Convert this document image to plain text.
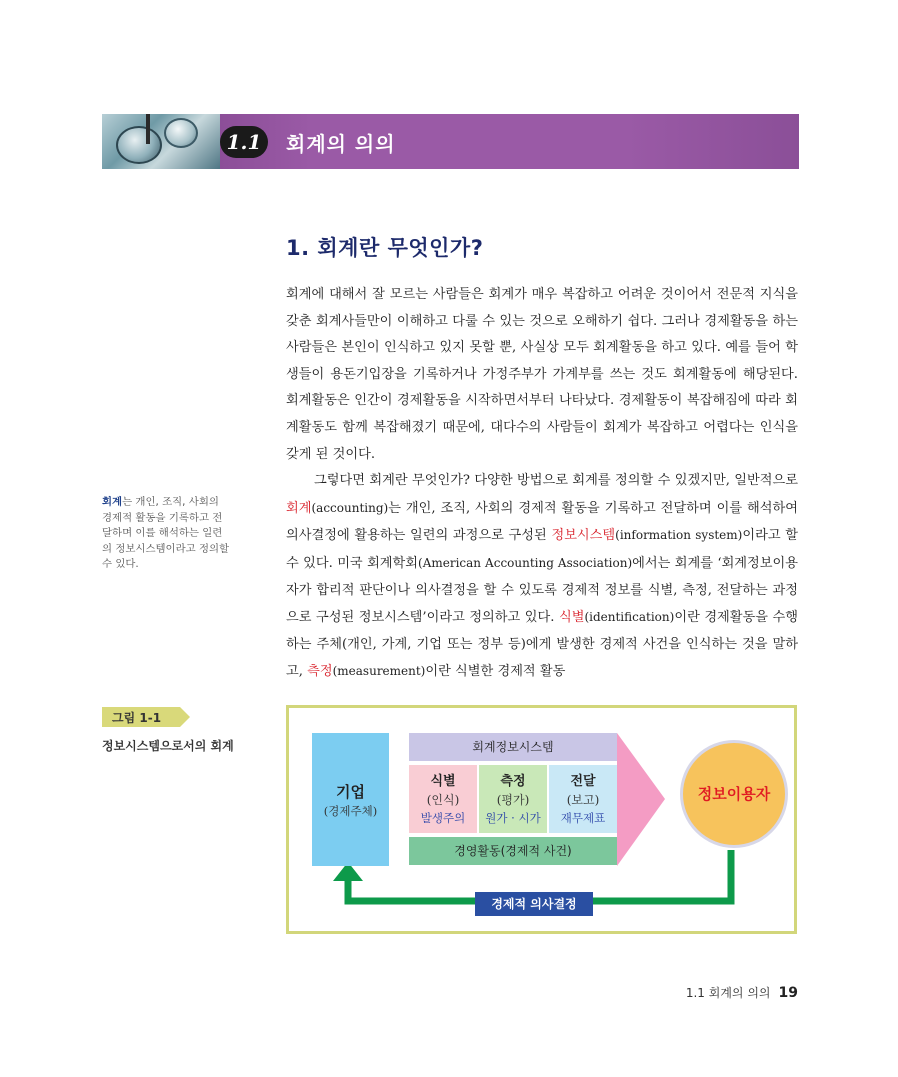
1.1	회계의 의의
1. 회계란 무엇인가?

회계에 대해서 잘 모르는 사람들은 회계가 매우 복잡하고 어려운 것이어서 전문적 지식을 갖춘 회계사들만이 이해하고 다룰 수 있는 것으로 오해하기 쉽다. 그러나 경제활동을 하는 사람들은 본인이 인식하고 있지 못할 뿐, 사실상 모두 회계활동을 하고 있다. 예를 들어 학생들이 용돈기입장을 기록하거나 가정주부가 가계부를 쓰는 것도 회계활동에 해당된다. 회계활동은 인간이 경제활동을 시작하면서부터 나타났다. 경제활동이 복잡해짐에 따라 회계활동도 함께 복잡해졌기 때문에, 대다수의 사람들이 회계가 복잡하고 어렵다는 인식을 갖게 된 것이다.

그렇다면 회계란 무엇인가? 다양한 방법으로 회계를 정의할 수 있겠지만, 일반적으로 회계(accounting)는 개인, 조직, 사회의 경제적 활동을 기록하고 전달하며 이를 해석하여 의사결정에 활용하는 일련의 과정으로 구성된 정보시스템(information system)이라고 할 수 있다. 미국 회계학회(American Accounting Association)에서는 회계를 ‘회계정보이용자가 합리적 판단이나 의사결정을 할 수 있도록 경제적 정보를 식별, 측정, 전달하는 과정으로 구성된 정보시스템’이라고 정의하고 있다. 식별(identification)이란 경제활동을 수행하는 주체(개인, 가계, 기업 또는 정부 등)에게 발생한 경제적 사건을 인식하는 것을 말하고, 측정(measurement)이란 식별한 경제적 활동

회계는 개인, 조직, 사회의 경제적 활동을 기록하고 전달하며 이를 해석하는 일련의 정보시스템이라고 정의할 수 있다.
그림 1-1
정보시스템으로서의 회계
기업
(경제주체)
회계정보시스템
식별
(인식)
발생주의
측정
(평가)
원가 · 시가
전달
(보고)
재무제표
경영활동(경제적 사건)
정보이용자
경제적 의사결정
1.1 회계의 의의 19
